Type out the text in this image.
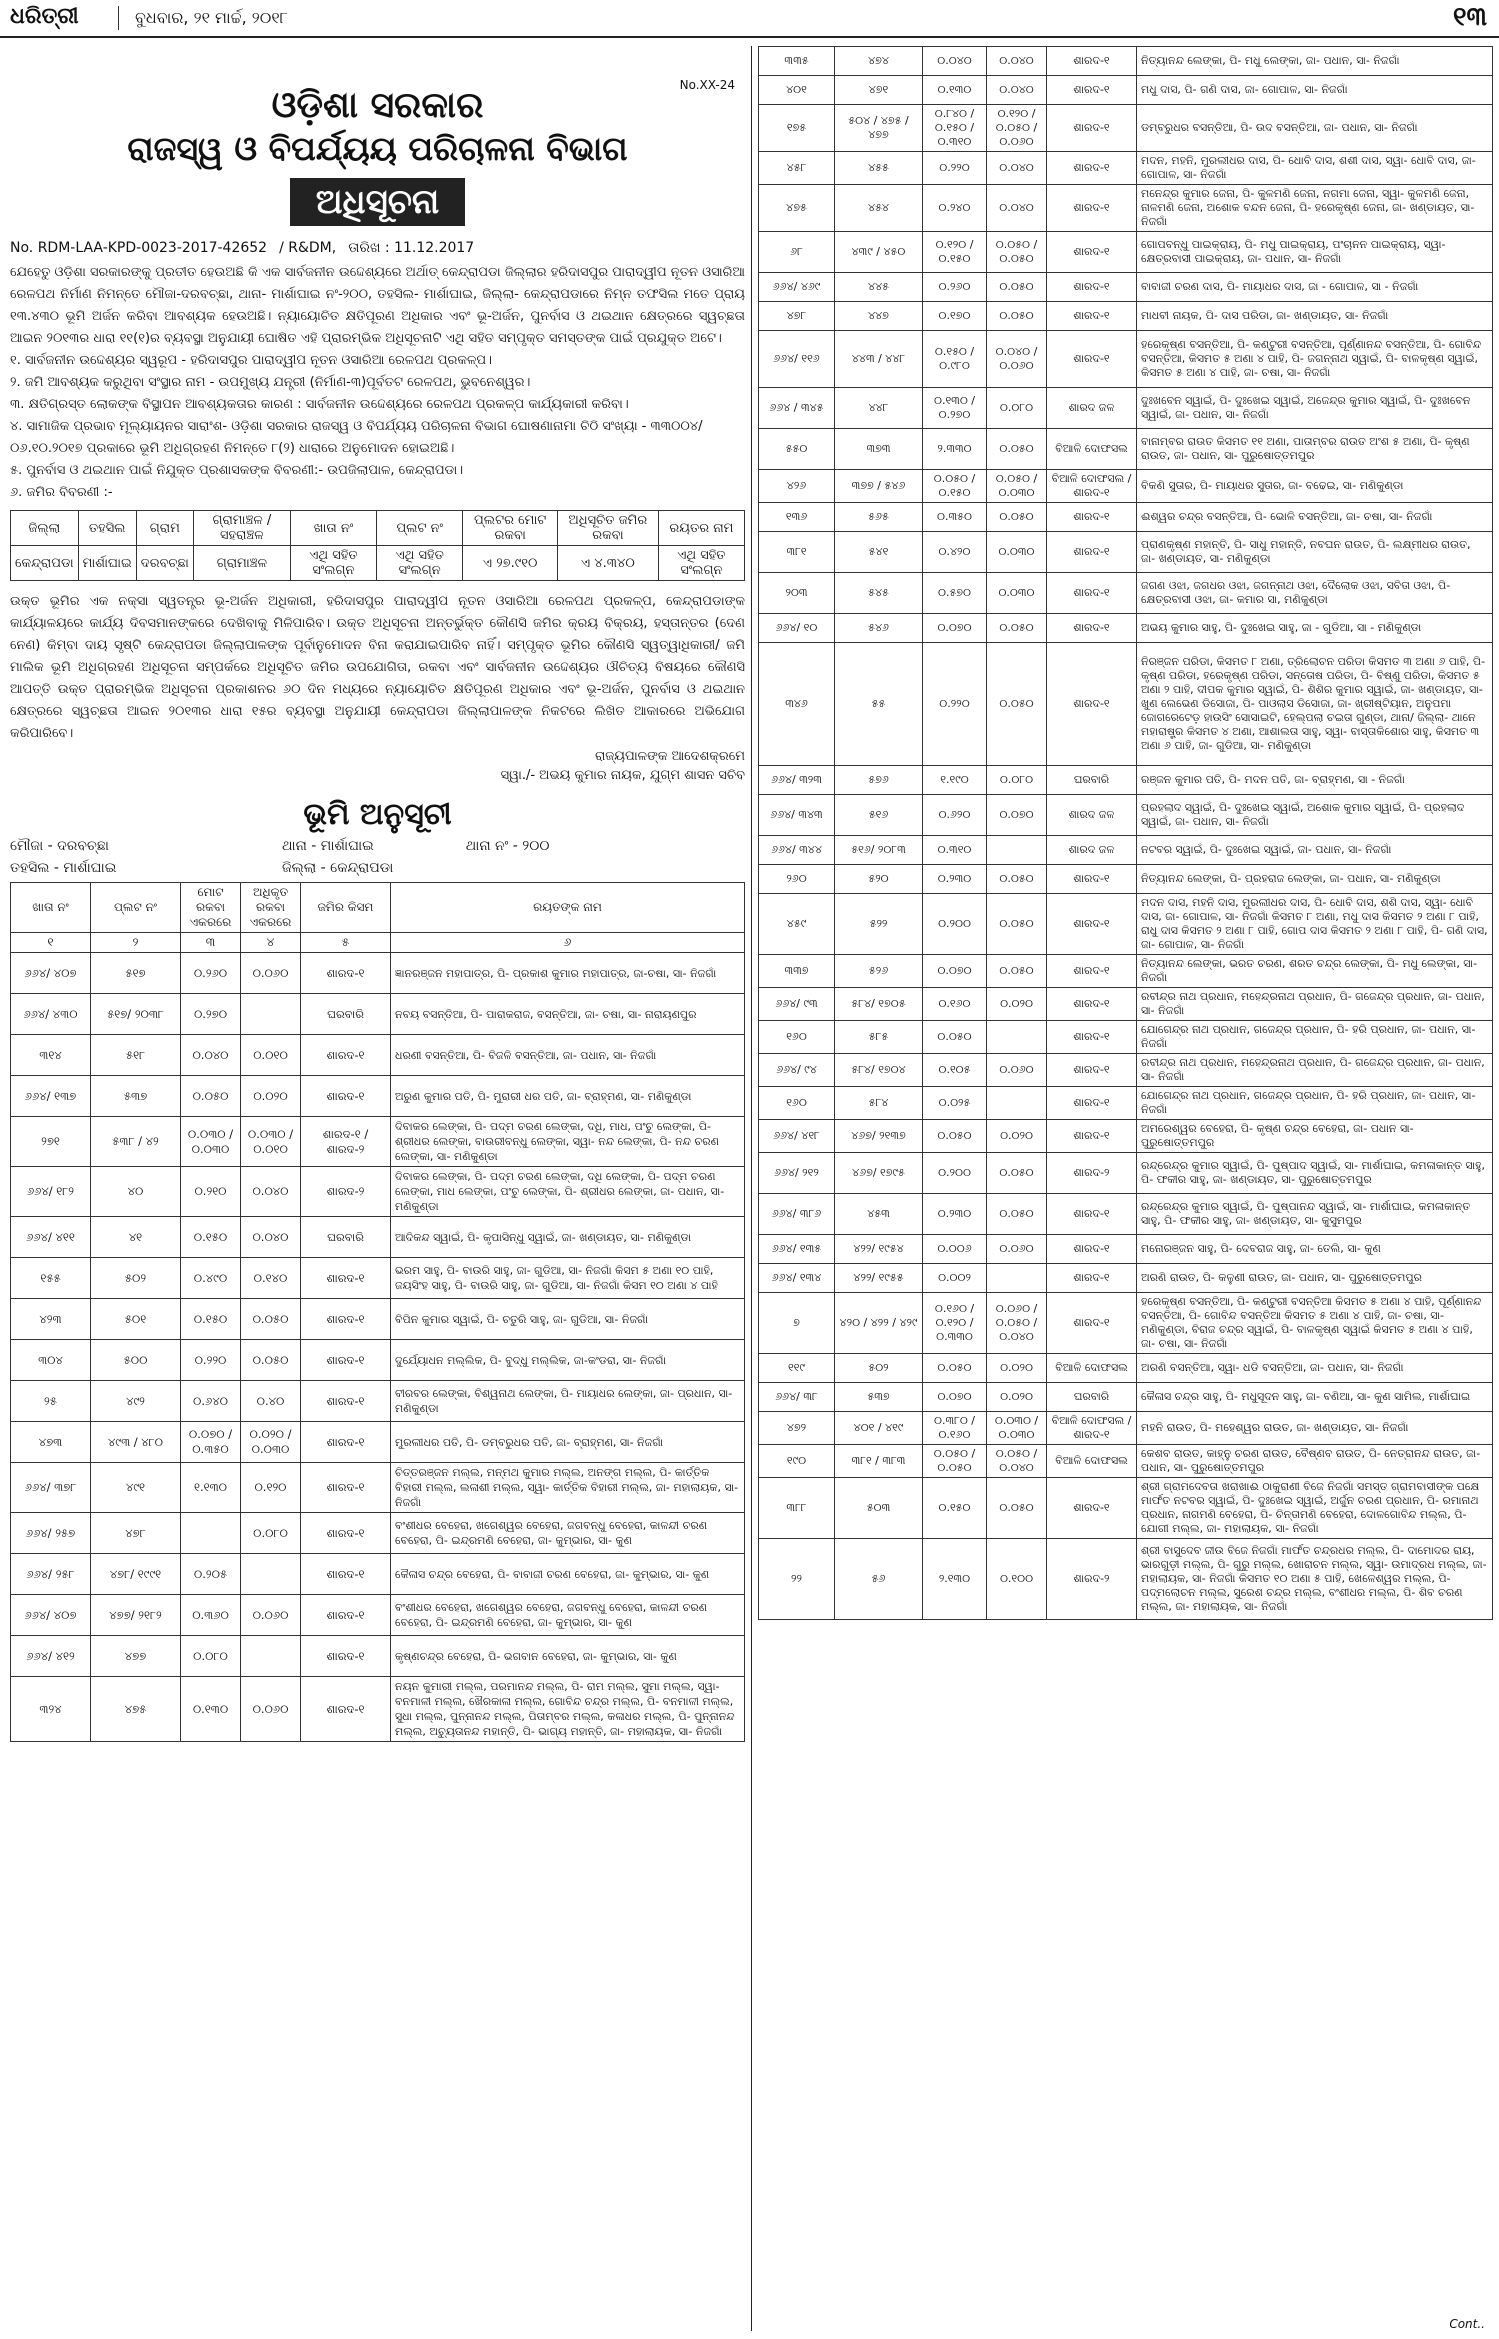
ଧରିତ୍ରୀ	ବୁଧବାର, ୨୧ ମାର୍ଚ୍ଚ, ୨୦୧୮	୧୩
No.XX-24
ଓଡ଼ିଶା ସରକାର
ରାଜସ୍ୱ ଓ ବିପର୍ଯ୍ୟୟ ପରିଚାଳନା ବିଭାଗ
ଅଧିସୂଚନା
No. RDM-LAA-KPD-0023-2017-42652 / R&DM, ତାରିଖ : 11.12.2017
ଯେହେତୁ ଓଡ଼ିଶା ସରକାରଙ୍କୁ ପ୍ରତୀତ ହେଉଅଛି କି ଏକ ସାର୍ବଜନୀନ ଉଦ୍ଦେଶ୍ୟରେ ଅର୍ଥାତ୍ କେନ୍ଦ୍ରାପଡା ଜିଲ୍ଲାର ହରିଦାସପୁର ପାରାଦ୍ୱୀପ ନୂତନ ଓସାରିଆ ରେଳପଥ ନିର୍ମାଣ ନିମନ୍ତେ ମୌଜା-ଦରବଚ୍ଛା, ଥାନା- ମାର୍ଶାଘାଇ ନଂ-୨୦୦, ତହସିଲ- ମାର୍ଶାଘାଇ, ଜିଲ୍ଲା- କେନ୍ଦ୍ରାପଡାରେ ନିମ୍ନ ତଫସିଲ ମତେ ପ୍ରାୟ ୧୩.୪୩୦ ଭୂମି ଅର୍ଜନ କରିବା ଆବଶ୍ୟକ ହେଉଅଛି। ନ୍ୟାୟୋଚିତ କ୍ଷତିପୂରଣ ଅଧିକାର ଏବଂ ଭୂ-ଅର୍ଜନ, ପୁନର୍ବାସ ଓ ଥଇଥାନ କ୍ଷେତ୍ରରେ ସ୍ୱଚ୍ଛତା ଆଇନ ୨୦୧୩ର ଧାରା ୧୧(୧)ର ବ୍ୟବସ୍ଥା ଅନୁଯାୟୀ ଘୋଷିତ ଏହି ପ୍ରାରମ୍ଭିକ ଅଧିସୂଚନାଟି ଏଥି ସହିତ ସମ୍ପୃକ୍ତ ସମସ୍ତଙ୍କ ପାଇଁ ପ୍ରଯୁକ୍ତ ଅଟେ।
୧. ସାର୍ବଜନୀନ ଉଦ୍ଦେଶ୍ୟର ସ୍ୱରୂପ - ହରିଦାସପୁର ପାରାଦ୍ୱୀପ ନୂତନ ଓସାରିଆ ରେଳପଥ ପ୍ରକଳ୍ପ।
୨. ଜମି ଆବଶ୍ୟକ କରୁଥିବା ସଂସ୍ଥାର ନାମ - ଉପମୁଖ୍ୟ ଯନ୍ତ୍ରୀ (ନିର୍ମାଣ-୩)ପୂର୍ବତଟ ରେଳପଥ, ଭୁବନେଶ୍ୱର।
୩. କ୍ଷତିଗ୍ରସ୍ତ ଲୋକଙ୍କ ବିସ୍ଥାପନ ଆବଶ୍ୟକତାର କାରଣ : ସାର୍ବଜନୀନ ଉଦ୍ଦେଶ୍ୟରେ ରେଳପଥ ପ୍ରକଳ୍ପ କାର୍ଯ୍ୟକାରୀ କରିବା।
୪. ସାମାଜିକ ପ୍ରଭାବ ମୂଲ୍ୟାୟନର ସାରାଂଶ- ଓଡ଼ିଶା ସରକାର ରାଜସ୍ୱ ଓ ବିପର୍ଯ୍ୟୟ ପରିଚାଳନା ବିଭାଗ ଘୋଷଣାନାମା ଚିଠି ସଂଖ୍ୟା - ୩୩୦୦୪/ ୦୬.୧୦.୨୦୧୭ ପ୍ରକାରେ ଭୂମି ଅଧିଗ୍ରହଣ ନିମନ୍ତେ ୮(୨) ଧାରାରେ ଅନୁମୋଦନ ହୋଇଅଛି।
୫. ପୁନର୍ବାସ ଓ ଥଇଥାନ ପାଇଁ ନିଯୁକ୍ତ ପ୍ରଶାସକଙ୍କ ବିବରଣୀ:- ଉପଜିଲାପାଳ, କେନ୍ଦ୍ରାପଡା।
୬. ଜମିର ବିବରଣୀ :-
ଜିଲ୍ଲା	ତହସିଲ	ଗ୍ରାମ	ଗ୍ରାମାଞ୍ଚଳ / ସହରାଞ୍ଚଳ	ଖାତା ନଂ	ପ୍ଲଟ ନଂ	ପ୍ଲଟର ମୋଟ ରକବା	ଅଧିସୂଚିତ ଜମିର ରକବା	ରୟତର ନାମ
କେନ୍ଦ୍ରାପଡା	ମାର୍ଶାଘାଇ	ଦରବଚ୍ଛା	ଗ୍ରାମାଞ୍ଚଳ	ଏଥି ସହିତ ସଂଲଗ୍ନ	ଏଥି ସହିତ ସଂଲଗ୍ନ	ଏ ୨୭.୯୧୦	ଏ ୪.୩୪୦	ଏଥି ସହିତ ସଂଲଗ୍ନ
ଉକ୍ତ ଭୂମିର ଏକ ନକ୍ସା ସ୍ୱତନ୍ତ୍ର ଭୂ-ଅର୍ଜନ ଅଧିକାରୀ, ହରିଦାସପୁର ପାରାଦ୍ୱୀପ ନୂତନ ଓସାରିଆ ରେଳପଥ ପ୍ରକଳ୍ପ, କେନ୍ଦ୍ରାପଡାଙ୍କ କାର୍ଯ୍ୟାଳୟରେ କାର୍ଯ୍ୟ ଦିବସମାନଙ୍କରେ ଦେଖିବାକୁ ମିଳିପାରିବ। ଉକ୍ତ ଅଧିସୂଚନା ଅନ୍ତର୍ଭୁକ୍ତ କୌଣସି ଜମିର କ୍ରୟ ବିକ୍ରୟ, ହସ୍ତାନ୍ତର (ଦେଣ ନେଣ) କିମ୍ବା ଦାୟ ସୃଷ୍ଟି କେନ୍ଦ୍ରାପଡା ଜିଲ୍ଲାପାଳଙ୍କ ପୂର୍ବାନୁମୋଦନ ବିନା କରାଯାଇପାରିବ ନାହିଁ। ସମ୍ପୃକ୍ତ ଭୂମିର କୌଣସି ସ୍ୱତ୍ୱାଧିକାରୀ/ ଜମି ମାଲିକ ଭୂମି ଅଧିଗ୍ରହଣ ଅଧିସୂଚନା ସମ୍ପର୍କରେ ଅଧିସୂଚିତ ଜମିର ଉପଯୋଗିତା, ରକବା ଏବଂ ସାର୍ବଜନୀନ ଉଦ୍ଦେଶ୍ୟର ଔଚିତ୍ୟ ବିଷୟରେ କୌଣସି ଆପତ୍ତି ଉକ୍ତ ପ୍ରାରମ୍ଭିକ ଅଧିସୂଚନା ପ୍ରକାଶନର ୬୦ ଦିନ ମଧ୍ୟରେ ନ୍ୟାୟୋଚିତ କ୍ଷତିପୂରଣ ଅଧିକାର ଏବଂ ଭୂ-ଅର୍ଜନ, ପୁନର୍ବାସ ଓ ଥଇଥାନ କ୍ଷେତ୍ରରେ ସ୍ୱଚ୍ଛତା ଆଇନ ୨୦୧୩ର ଧାରା ୧୫ର ବ୍ୟବସ୍ଥା ଅନୁଯାୟୀ କେନ୍ଦ୍ରାପଡା ଜିଲ୍ଲାପାଳଙ୍କ ନିକଟରେ ଲିଖିତ ଆକାରରେ ଅଭିଯୋଗ କରିପାରିବେ।
ରାଜ୍ୟପାଳଙ୍କ ଆଦେଶକ୍ରମେ
ସ୍ୱା./- ଅଭୟ କୁମାର ନାୟକ, ଯୁଗ୍ମ ଶାସନ ସଚିବ
ଭୂମି ଅନୁସୂଚୀ
ମୌଜା - ଦରବଚ୍ଛା	ଥାନା - ମାର୍ଶାଘାଇ	ଥାନା ନଂ - ୨୦୦
ତହସିଲ - ମାର୍ଶାଘାଇ	ଜିଲ୍ଲା - କେନ୍ଦ୍ରାପଡା
ଖାତା ନଂ	ପ୍ଲଟ ନଂ	ମୋଟ ରକବା ଏକରରେ	ଅଧିକୃତ ରକବା ଏକରରେ	ଜମିର କିସମ	ରୟତଙ୍କ ନାମ
୧	୨	୩	୪	୫	୬
୬୬୪/ ୪୦୭	୫୧୭	୦.୨୬୦	୦.୦୬୦	ଶାରଦ-୧	ଜ୍ଞାନରଞ୍ଜନ ମହାପାତ୍ର, ପି- ପ୍ରକାଶ କୁମାର ମହାପାତ୍ର, ଜା-ଚଷା, ସା- ନିଜଗାଁ
୬୬୪/ ୪୩୦	୫୧୭/ ୨୦୩୮	୦.୨୭୦		ଘରବାରି	ନବୟ ବସନ୍ତିଆ, ପି- ପାରାକରାଜ, ବସନ୍ତିଆ, ଜା- ଚଷା, ସା- ନାରାୟଣପୁର
୩୧୪	୫୧୮	୦.୦୪୦	୦.୦୧୦	ଶାରଦ-୧	ଧରଣୀ ବସନ୍ତିଆ, ପି- ବିଜଳି ବସନ୍ତିଆ, ଜା- ପଧାନ, ସା- ନିଜଗାଁ
୬୬୪/ ୧୩୭	୫୩୭	୦.୦୫୦	୦.୦୨୦	ଶାରଦ-୧	ଅରୁଣ କୁମାର ପତି, ପି- ମୁରାରୀ ଧର ପତି, ଜା- ବ୍ରାହ୍ମଣ, ସା- ମଣିକୁଣ୍ଡା
୨୭୧	୫୩୮ / ୪୨	୦.୦୩୦ / ୦.୦୩୦	୦.୦୩୦ / ୦.୦୧୦	ଶାରଦ-୧ / ଶାରଦ-୨	ଦିବାକର ଲେଙ୍କା, ପି- ପଦ୍ମ ଚରଣ ଲେଙ୍କା, ଦଧି, ମାଧ, ପଂଚୁ ଲେଙ୍କା, ପି- ଶ୍ରୀଧର ଲେଙ୍କା, ବାଉରୀବନ୍ଧୁ ଲେଙ୍କା, ସ୍ୱା- ନନ୍ଦ ଲେଙ୍କା, ପି- ନନ୍ଦ ଚରଣ ଲେଙ୍କା, ସା- ମଣିକୁଣ୍ଡା
୬୬୪/ ୧୮୨	୪୦	୦.୨୧୦	୦.୦୪୦	ଶାରଦ-୨	ଦିବାକର ଲେଙ୍କା, ପି- ପଦ୍ମ ଚରଣ ଲେଙ୍କା, ଦଧି ଲେଙ୍କା, ପି- ପଦ୍ମ ଚରଣ ଲେଙ୍କା, ମାଧ ଲେଙ୍କା, ପଂଚୁ ଲେଙ୍କା, ପି- ଶ୍ରୀଧର ଲେଙ୍କା, ଜା- ପଧାନ, ସା- ମଣିକୁଣ୍ଡା
୬୬୪/ ୪୧୧	୪୧	୦.୧୫୦	୦.୦୪୦	ଘରବାରି	ଆଦିକନ୍ଦ ସ୍ୱାଇଁ, ପି- କୃପାସିନ୍ଧୁ ସ୍ୱାଇଁ, ଜା- ଖଣ୍ଡାୟତ, ସା- ମଣିକୁଣ୍ଡା
୧୫୫	୫୦୨	୦.୪୯୦	୦.୧୪୦	ଶାରଦ-୧	ଭରମ ସାହୁ, ପି- ବାଉରି ସାହୁ, ଜା- ଗୁଡିଆ, ସା- ନିଜଗାଁ କିସମ ୫ ଅଣା ୧୦ ପାହି, ଜୟସିଂହ ସାହୁ, ପି- ବାଉରି ସାହୁ, ଜା- ଗୁଡିଆ, ସା- ନିଜଗାଁ କିସମ ୧୦ ଅଣା ୪ ପାହି
୪୨୩	୫୦୧	୦.୧୫୦	୦.୦୫୦	ଶାରଦ-୧	ବିପିନ କୁମାର ସ୍ୱାଇଁ, ପି- ଚତୁରି ସାହୁ, ଜା- ଗୁଡିଆ, ସା- ନିଜଗାଁ
୩୦୪	୫୦୦	୦.୨୨୦	୦.୦୫୦	ଶାରଦ-୧	ଦୁର୍ଯ୍ୟୋଧନ ମଲ୍ଲିକ, ପି- ବୁଦ୍ଧୁ ମଲ୍ଲିକ, ଜା-କଂଡରା, ସା- ନିଜଗାଁ
୨୫	୪୯୨	୦.୬୪୦	୦.୪୦	ଶାରଦ-୧	ବୀରବର ଲେଙ୍କା, ବିଶ୍ୱନାଥ ଲେଙ୍କା, ପି- ମାୟାଧର ଲେଙ୍କା, ଜା- ପ୍ରଧାନ, ସା-ମଣିକୁଣ୍ଡା
୪୭୩	୪୯୩ / ୪୮୦	୦.୦୭୦ / ୦.୩୫୦	୦.୦୨୦ / ୦.୦୩୦	ଶାରଦ-୧	ମୁରଲୀଧର ପତି, ପି- ଡମ୍ବରୁଧର ପତି, ଜା- ବ୍ରାହ୍ମଣ, ସା- ନିଜଗାଁ
୬୬୪/ ୩୭୮	୪୯୧	୧.୧୩୦	୦.୧୨୦	ଶାରଦ-୧	ଚିତ୍ତରଞ୍ଜନ ମଲ୍ଲ, ମନ୍ମଥ କୁମାର ମଲ୍ଲ, ଅନଙ୍ଗ ମଲ୍ଲ, ପି- କାର୍ତ୍ତିକ ବିହାରୀ ମଲ୍ଲ, ଲଳାଶୀ ମଲ୍ଲ, ସ୍ୱା- କାର୍ତ୍ତିକ ବିହାରୀ ମଲ୍ଲ, ଜା- ମହାଲାୟକ, ସା- ନିଜଗାଁ
୬୬୪/ ୨୫୭	୪୭୮		୦.୦୮୦	ଶାରଦ-୧	ବଂଶୀଧର ବେହେରା, ଖଗେଶ୍ୱର ବେହେରା, ଜଗବନ୍ଧୁ ବେହେରା, କାଳନ୍ଦୀ ଚରଣ ବେହେରା, ପି- ଇନ୍ଦ୍ରମଣି ବେହେରା, ଜା- କୁମ୍ଭାର, ସା- କୁଣ
୬୬୪/ ୨୫୮	୪୭୮/ ୧୯୯୧	୦.୨୦୫		ଶାରଦ-୧	କୈଳାସ ଚନ୍ଦ୍ର ବେହେରା, ପି- ବାବାଜୀ ଚରଣ ବେହେରା, ଜା- କୁମ୍ଭାର, ସା- କୁଣ
୬୬୪/ ୪୦୭	୪୭୭/ ୨୧୮୨	୦.୩୬୦	୦.୦୬୦	ଶାରଦ-୧	ବଂଶୀଧର ବେହେରା, ଖଗେଶ୍ୱର ବେହେରା, ଜଗବନ୍ଧୁ ବେହେରା, କାଳନ୍ଦୀ ଚରଣ ବେହେରା, ପି- ଇନ୍ଦ୍ରମଣି ବେହେରା, ଜା- କୁମ୍ଭାର, ସା- କୁଣ
୬୬୪/ ୪୧୨	୪୭୭	୦.୦୮୦		ଶାରଦ-୧	କୃଷ୍ଣଚନ୍ଦ୍ର ବେହେରା, ପି- ଭଗବାନ ବେହେରା, ଜା- କୁମ୍ଭାର, ସା- କୁଣ
୩୨୪	୪୭୫	୦.୧୩୦	୦.୦୬୦	ଶାରଦ-୧	ନୟନ କୁମାରୀ ମଲ୍ଲ, ପରମାନନ୍ଦ ମଲ୍ଲ, ପି- ରାମ ମଲ୍ଲ, ସୁମା ମଲ୍ଲ, ସ୍ୱା- ବନମାଳୀ ମଲ୍ଲ, ଖୈରକାଳା ମଲ୍ଲ, ଗୋବିନ୍ଦ ଚନ୍ଦ୍ର ମଲ୍ଲ, ପି- ବନମାଳୀ ମଲ୍ଲ, ସୁଧା ମଲ୍ଲ, ପୁନ୍ନାନନ୍ଦ ମଲ୍ଲ, ପିତାମ୍ବର ମଲ୍ଲ, କଳାଧର ମଲ୍ଲ, ପି- ପୁନ୍ନାନନ୍ଦ ମଲ୍ଲ, ଅଚ୍ୟୁତାନନ୍ଦ ମହାନ୍ତି, ପି- ଭାଗ୍ୟ ମହାନ୍ତି, ଜା- ମହାଲାୟକ, ସା- ନିଜଗାଁ
୩୩୫	୪୭୪	୦.୦୪୦	୦.୦୪୦	ଶାରଦ-୧	ନିତ୍ୟାନନ୍ଦ ଲେଙ୍କା, ପି- ମଧୁ ଲେଙ୍କା, ଜା- ପଧାନ, ସା- ନିଜଗାଁ
୪୦୧	୪୭୧	୦.୧୩୦	୦.୦୪୦	ଶାରଦ-୧	ମଧୁ ଦାସ, ପି- ଗଣି ଦାସ, ଜା- ଗୋପାଳ, ସା- ନିଜଗାଁ
୧୭୫	୫୦୪ / ୪୭୫ / ୪୭୭	୦.୮୪୦ / ୦.୧୫୦ / ୦.୩୧୦	୦.୧୨୦ / ୦.୦୫୦ / ୦.୦୬୦	ଶାରଦ-୧	ଡମ୍ବରୁଧର ବସନ୍ତିଆ, ପି- ଉଦ ବସନ୍ତିଆ, ଜା- ପଧାନ, ସା- ନିଜଗାଁ
୪୫୮	୪୫୫	୦.୨୨୦	୦.୦୪୦	ଶାରଦ-୧	ମଦନ, ମହନି, ମୁରଲୀଧର ଦାସ, ପି- ଧୋବି ଦାସ, ଶଶୀ ଦାସ, ସ୍ୱା- ଧୋବି ଦାସ, ଜା- ଗୋପାଳ, ସା- ନିଜଗାଁ
୪୭୫	୪୫୪	୦.୨୪୦	୦.୦୪୦	ଶାରଦ-୧	ମନେନ୍ଦ୍ର କୁମାର ଜେନା, ପି- କୁଳମଣି ଜେନା, ନଗମା ଜେନା, ସ୍ୱା- କୁଳମଣି ଜେନା, ନାଳମଣି ଜେନା, ଅଶୋକ ବନ୍ଦନ ଜେନା, ପି- ହରେକୃଷ୍ଣ ଜେନା, ଜା- ଖଣ୍ଡାୟତ, ସା- ନିଜଗାଁ
୬୮	୪୩୯ / ୪୫୦	୦.୧୨୦ / ୦.୧୫୦	୦.୦୫୦ / ୦.୦୫୦	ଶାରଦ-୧	ଗୋପବନ୍ଧୁ ପାଇକ୍ରାୟ, ପି- ମଧୁ ପାଇକ୍ରାୟ, ପଂଚାନନ ପାଇକ୍ରାୟ, ସ୍ୱା- କ୍ଷେତ୍ରବାସୀ ପାଇକ୍ରାୟ, ଜା- ପଧାନ, ସା- ନିଜଗାଁ
୬୬୪/ ୪୬୯	୪୪୫	୦.୨୬୦	୦.୦୫୦	ଶାରଦ-୧	ବାବାଜୀ ଚରଣ ଦାସ, ପି- ମାୟାଧର ଦାସ, ଜା - ଗୋପାଳ, ସା - ନିଜଗାଁ
୪୭୮	୪୪୭	୦.୧୭୦	୦.୦୫୦	ଶାରଦ-୧	ମାଧବୀ ନାୟକ, ପି- ଦାସ ପରିଡା, ଜା- ଖଣ୍ଡାୟତ, ସା- ନିଜଗାଁ
୬୬୪/ ୧୧୬	୪୪୩ / ୪୪୮	୦.୧୫୦ / ୦.୯୮୦	୦.୦୪୦ / ୦.୦୬୦	ଶାରଦ-୧	ହରେକୃଷ୍ଣ ବସନ୍ତିଆ, ପି- କଣ୍ଟୁରୀ ବସନ୍ତିଆ, ପୂର୍ଣ୍ଣାନନ୍ଦ ବସନ୍ତିଆ, ପି- ଗୋବିନ୍ଦ ବସନ୍ତିଆ, କିସମତ ୫ ଅଣା ୪ ପାହି, ପି- ଜଗନ୍ନାଥ ସ୍ୱାଇଁ, ପି- ବାଳକୃଷ୍ଣ ସ୍ୱାଇଁ, କିସମତ ୫ ଅଣା ୪ ପାହି, ଜା- ଚଷା, ସା- ନିଜଗାଁ
୬୬୪ / ୩୪୫	୪୪୮	୦.୧୩୦ / ୦.୨୭୦	୦.୦୮୦	ଶାରଦ ଜଳ	ଦୁଃଖବେନ ସ୍ୱାଇଁ, ପି- ଦୁଃଖେଇ ସ୍ୱାଇଁ, ଅଜେନ୍ଦ୍ର କୁମାର ସ୍ୱାଇଁ, ପି- ଦୁଃଖବେନ ସ୍ୱାଇଁ, ଜା- ପଧାନ, ସା- ନିଜଗାଁ
୫୫୦	୩୭୩	୨.୩୩୦	୦.୦୫୦	ବିଆଳି ଦୋଫସଲ	ବାନାମ୍ବର ରାଉତ କିସମତ ୧୧ ଅଣା, ପାତାମ୍ବର ରାଉତ ଅଂଶ ୫ ଅଣା, ପି- କୃଷ୍ଣ ରାଉତ, ଜା- ପଧାନ, ସା- ପୁରୁଷୋତ୍ତମପୁର
୪୨୬	୩୭୭ / ୫୪୬	୦.୦୫୦ / ୦.୧୫୦	୦.୦୫୦ / ୦.୦୩୦	ବିଆଳି ଦୋଫସଲ / ଶାରଦ-୧	ବିକଣି ସୁତାର, ପି- ମାୟାଧର ସୁତାର, ଜା- ବଢେଇ, ସା- ମଣିକୁଣ୍ଡା
୧୩୬	୫୬୫	୦.୩୫୦	୦.୦୫୦	ଶାରଦ-୧	ଈଶ୍ୱର ଚନ୍ଦ୍ର ବସନ୍ତିଆ, ପି- ଭୋଳି ବସନ୍ତିଆ, ଜା- ଚଷା, ସା- ନିଜଗାଁ
୩୮୧	୫୪୧	୦.୪୨୦	୦.୦୩୦	ଶାରଦ-୧	ପ୍ରାଣକୃଷ୍ଣ ମହାନ୍ତି, ପି- ସାଧୁ ମହାନ୍ତି, ନବଘନ ରାଉତ, ପି- ଲକ୍ଷ୍ମୀଧର ରାଉତ, ଜା- ଖଣ୍ଡାୟତ, ସା- ମଣିକୁଣ୍ଡା
୨୦୩	୫୪୫	୦.୫୭୦	୦.୦୩୦	ଶାରଦ-୧	ଜଗଣ ଓଝା, ଜଗଧର ଓଝା, ଜଗନ୍ନାଥ ଓଝା, ଦୈଲୋକ ଓଝା, ସବିତା ଓଝା, ପି- କ୍ଷେତ୍ରବାସୀ ଓଝା, ଜା- କମାର ସା, ମଣିକୁଣ୍ଡା
୬୬୪/ ୧୦	୫୪୬	୦.୦୭୦	୦.୦୫୦	ଶାରଦ-୧	ଅଭୟ କୁମାର ସାହୁ, ପି- ଦୁଃଖେଇ ସାହୁ, ଜା - ଗୁଡିଆ, ସା - ମଣିକୁଣ୍ଡା
୩୪୬	୫୫	୦.୨୨୦	୦.୦୫୦	ଶାରଦ-୧	ନିରଞ୍ଜନ ପରିଡା, କିସମତ ୮ ଅଣା, ତ୍ରିଲୋଚନ ପରିଡା କିସମତ ୩ ଅଣା ୬ ପାହି, ପି- କୃଷ୍ଣ ପରିଡା, ହରେକୃଷ୍ଣ ପରିଡା, ସନ୍ତୋଷ ପରିଡା, ପି- ବିଷ୍ଣୁ ପରିଡା, କିସମତ ୫ ଅଣା ୨ ପାହି, ଦୀପକ କୁମାର ସ୍ୱାଇଁ, ପି- ଶିଶିର କୁମାର ସ୍ୱାଇଁ, ଜା- ଖଣ୍ଡାୟତ, ସା- ଖୁଣ ଲେଭେଣ ଡିସୋଜା, ପି- ପାଓଲାସ ଡିସୋଜା, ଜା- ଖ୍ରୀଷ୍ଟିୟାନ, ଅନୁପମା ଜୋଗରେଟେଡ଼ ହାଉସିଂ ସୋସାଇଟି, ହେଲ୍ପଲା ଚଇତା ଗୁଣ୍ଡା, ଥାନା/ ଜିଲ୍ଲା- ଥାନେ ମହାରାଷ୍ଟ୍ର କିସମତ ୪ ଅଣା, ଆଶାଲତା ସାହୁ, ସ୍ୱା- ବାସ୍ତାକିଶୋର ସାହୁ, କିସମତ ୩ ଅଣା ୬ ପାହି, ଜା- ଗୁଡିଆ, ସା- ମଣିକୁଣ୍ଡା
୬୬୪/ ୩୨୩	୫୭୬	୧.୧୯୦	୦.୦୮୦	ଘରବାରି	ରଞ୍ଜନ କୁମାର ପତି, ପି- ମଦନ ପତି, ଜା- ବ୍ରାହ୍ମଣ, ସା - ନିଜଗାଁ
୬୬୪/ ୩୪୩	୫୧୬	୦.୬୨୦	୦.୦୭୦	ଶାରଦ ଜଳ	ପ୍ରହଲାଦ ସ୍ୱାଇଁ, ପି- ଦୁଃଖେଇ ସ୍ୱାଇଁ, ଅଶୋକ କୁମାର ସ୍ୱାଇଁ, ପି- ପ୍ରହଲାଦ ସ୍ୱାଇଁ, ଜା- ପଧାନ, ସା- ନିଜଗାଁ
୬୬୪/ ୩୪୪	୫୧୬/ ୨୦୮୩	୦.୩୧୦		ଶାରଦ ଜଳ	ନଟବର ସ୍ୱାଇଁ, ପି- ଦୁଃଖେଇ ସ୍ୱାଇଁ, ଜା- ପଧାନ, ସା- ନିଜଗାଁ
୨୬୦	୫୨୦	୦.୨୩୦	୦.୦୫୦	ଶାରଦ-୧	ନିତ୍ୟାନନ୍ଦ ଲେଙ୍କା, ପି- ପ୍ରହରାଜ ଲେଙ୍କା, ଜା- ପଧାନ, ସା- ମଣିକୁଣ୍ଡା
୪୫୯	୫୨୨	୦.୨୦୦	୦.୦୫୦	ଶାରଦ-୧	ମଦନ ଦାସ, ମହନି ଦାସ, ମୁରଲୀଧର ଦାସ, ପି- ଧୋବି ଦାସ, ଶଶି ଦାସ, ସ୍ୱା- ଧୋବି ଦାସ, ଜା- ଗୋପାଳ, ସା- ନିଜଗାଁ କିସମତ ୮ ଅଣା, ମଧୁ ଦାସ କିସମତ ୨ ଅଣା ୮ ପାହି, ରାଧୁ ଦାସ କିସମତ ୨ ଅଣା ୮ ପାହି, ଗୋପ ଦାସ କିସମତ ୨ ଅଣା ୮ ପାହି, ପି- ଗଣି ଦାସ, ଜା- ଗୋପାଳ, ସା- ନିଜଗାଁ
୩୩୭	୫୨୬	୦.୦୭୦	୦.୦୫୦	ଶାରଦ-୧	ନିତ୍ୟାନନ୍ଦ ଲେଙ୍କା, ଭରତ ଚରଣ, ଶରତ ଚନ୍ଦ୍ର ଲେଙ୍କା, ପି- ମଧୁ ଲେଙ୍କା, ସା- ନିଜଗାଁ
୬୬୪/ ୯୩	୫୮୪/ ୧୭୦୫	୦.୧୬୦	୦.୦୨୦	ଶାରଦ-୧	ରବୀନ୍ଦ୍ର ନାଥ ପ୍ରଧାନ, ମହେନ୍ଦ୍ରନାଥ ପ୍ରଧାନ, ପି- ଗଜେନ୍ଦ୍ର ପ୍ରଧାନ, ଜା- ପଧାନ, ସା- ନିଜଗାଁ
୧୬୦	୫୮୫	୦.୦୫୦		ଶାରଦ-୧	ଯୋଗେନ୍ଦ୍ର ନାଥ ପ୍ରଧାନ, ଗଜେନ୍ଦ୍ର ପ୍ରଧାନ, ପି- ହରି ପ୍ରଧାନ, ଜା- ପଧାନ, ସା- ନିଜଗାଁ
୬୬୪/ ୯୪	୫୮୪/ ୧୭୦୪	୦.୧୦୫	୦.୦୬୦	ଶାରଦ-୧	ରବୀନ୍ଦ୍ର ନାଥ ପ୍ରଧାନ, ମହେନ୍ଦ୍ରନାଥ ପ୍ରଧାନ, ପି- ଗଜେନ୍ଦ୍ର ପ୍ରଧାନ, ଜା- ପଧାନ, ସା- ନିଜଗାଁ
୧୬୦	୫୮୪	୦.୦୨୫		ଶାରଦ-୧	ଯୋଗେନ୍ଦ୍ର ନାଥ ପ୍ରଧାନ, ଗଜେନ୍ଦ୍ର ପ୍ରଧାନ, ପି- ହରି ପ୍ରଧାନ, ଜା- ପଧାନ, ସା- ନିଜଗାଁ
୬୬୪/ ୪୧୮	୪୬୭/ ୨୧୩୭	୦.୦୫୦	୦.୦୨୦	ଶାରଦ-୧	ଅମରେଶ୍ୱର ବେହେରା, ପି- କୃଷ୍ଣ ଚନ୍ଦ୍ର ବେହେରା, ଜା- ପଧାନ ସା- ପୁରୁଷୋତ୍ତମପୁର
୬୬୪/ ୨୧୨	୪୬୭/ ୧୭୯୫	୦.୨୦୦	୦.୦୫୦	ଶାରଦ-୨	ରନ୍ଦ୍ରେନ୍ଦ୍ର କୁମାର ସ୍ୱାଇଁ, ପି- ପୁଷ୍ପାଦ ସ୍ୱାଇଁ, ସା- ମାର୍ଶାଘାଇ, କମଳାକାନ୍ତ ସାହୁ, ପି- ଫକୀର ସାହୁ, ଜା- ଖଣ୍ଡାୟତ, ସା- ପୁରୁଷୋତ୍ତମପୁର
୬୬୪/ ୩୮୬	୪୫୩	୦.୨୩୦	୦.୦୫୦	ଶାରଦ-୧	ରନ୍ଦ୍ରେନ୍ଦ୍ର କୁମାର ସ୍ୱାଇଁ, ପି- ପୁଷ୍ପାନନ୍ଦ ସ୍ୱାଇଁ, ସା- ମାର୍ଶାଘାଇ, କମଳାକାନ୍ତ ସାହୁ, ପି- ଫକୀର ସାହୁ, ଜା- ଖଣ୍ଡାୟତ, ସା- କୁସୁମପୁର
୬୬୪/ ୧୩୫	୪୨୨/ ୧୯୫୪	୦.୦୦୬	୦.୦୬୦	ଶାରଦ-୧	ମନୋରଞ୍ଜନ ସାହୁ, ପି- ଦେବରାଜ ସାହୁ, ଜା- ତେଲି, ସା- କୁଣ
୬୬୪/ ୧୩୪	୪୨୨/ ୧୯୫୫	୦.୦୦୨		ଶାରଦ-୧	ଅରଣି ରାଉତ, ପି- କଳୁଣୀ ରାଉତ, ଜା- ପଧାନ, ସା- ପୁରୁଷୋତ୍ତମପୁର
୭	୪୨୦ / ୪୨୨ / ୪୨୯	୦.୧୬୦ / ୦.୧୨୦ / ୦.୩୩୦	୦.୦୬୦ / ୦.୦୫୦ / ୦.୦୪୦	ଶାରଦ-୧	ହରେକୃଷ୍ଣ ବସନ୍ତିଆ, ପି- କଣ୍ଟୁରୀ ବସନ୍ତିଆ କିସମତ ୫ ଅଣା ୪ ପାହି, ପୂର୍ଣ୍ଣାନନ୍ଦ ବସନ୍ତିଆ, ପି- ଗୋବିନ୍ଦ ବସନ୍ତିଆ କିସମତ ୫ ଅଣା ୪ ପାହି, ଜା- ଚଷା, ସା- ମଣିକୁଣ୍ଡା, ବିରାଜ ଚନ୍ଦ୍ର ସ୍ୱାଇଁ, ପି- ବାଳକୃଷ୍ଣ ସ୍ୱାଇଁ କିସମତ ୫ ଅଣା ୪ ପାହି, ଜା- ଚଷା, ସା- ନିଜଗାଁ
୧୧୯	୫୦୨	୦.୦୫୦	୦.୦୨୦	ବିଆଳି ଦୋଫସଲ	ଅରଣି ବସନ୍ତିଆ, ସ୍ୱା- ଧଡି ବସନ୍ତିଆ, ଜା- ପଧାନ, ସା- ନିଜଗାଁ
୬୬୪/ ୩୮	୫୩୭	୦.୦୭୦	୦.୦୨୦	ଘରବାରି	କୈଳାସ ଚନ୍ଦ୍ର ସାହୁ, ପି- ମଧୁସୂଦନ ସାହୁ, ଜା- ବଣିଆ, ସା- କୁଣ ସାମିଲ, ମାର୍ଶାଘାଇ
୪୭୨	୪୦୧ / ୪୧୯	୦.୩୮୦ / ୦.୧୬୦	୦.୦୩୦ / ୦.୦୩୦	ବିଆଳି ଦୋଫସଲ / ଶାରଦ-୧	ମହନି ରାଉତ, ପି- ମହେଶ୍ୱର ରାଉତ, ଜା- ଖଣ୍ଡାୟତ, ସା- ନିଜଗାଁ
୧୯୦	୩୮୧ / ୩୮୩	୦.୦୫୦ / ୦.୦୫୦	୦.୦୫୦ / ୦.୦୪୦	ବିଆଳି ଦୋଫସଲ	କେଶବ ରାଉତ, କାହ୍ନୁ ଚରଣ ରାଉତ, ବୈଷ୍ଣବ ରାଉତ, ପି- ନେତ୍ରାନନ୍ଦ ରାଉତ, ଜା- ପଧାନ, ସା- ପୁରୁଷୋତ୍ତମପୁର
୩୮୮	୫୦୩	୦.୧୫୦	୦.୦୫୦	ଶାରଦ-୧	ଶ୍ରୀ ଗ୍ରାମଦେବତା ଖରାଖାଈ ଠାକୁରାଣୀ ବିଜେ ନିଜଗାଁ ସମସ୍ତ ଗ୍ରାମବାସୀଙ୍କ ପକ୍ଷେ ମାର୍ଫତ ନଟବର ସ୍ୱାଇଁ, ପି- ଦୁଃଖେଇ ସ୍ୱାଇଁ, ଅର୍ଜୁନ ଚରଣ ପ୍ରଧାନ, ପି- ରମାନାଥ ପ୍ରଧାନ, ନାଗମଣି ବେହେରା, ପି- ଚିନ୍ତାମଣି ବେହେରା, ଦୋଳଗୋବିନ୍ଦ ମଲ୍ଲ, ପି- ଯୋଗୀ ମଲ୍ଲ, ଜା- ମହାଲାୟକ, ସା- ନିଜଗାଁ
୨୨	୫୬	୨.୧୩୦	୦.୧୦୦	ଶାରଦ-୨	ଶ୍ରୀ ବାସୁଦେବ ଜୀଉ ବିଜେ ନିଜଗାଁ ମାର୍ଫତ ଚନ୍ଦ୍ରଧର ମଲ୍ଲ, ପି- ଦାମୋଦର ରାୟ, ଭାରଗୁଡ଼ୀ ମଲ୍ଲ, ପି- ଗୁରୁ ମଲ୍ଲ, ଖୋରାଚନ ମଲ୍ଲ, ସ୍ୱା- ଉମାଦ୍ରଧ ମଲ୍ଲ, ଜା- ମହାଲାୟକ, ସା- ନିଜଗାଁ କିସମତ ୧୦ ଅଣା ୫ ପାହି, ଖେଳେଶ୍ୱର ମଲ୍ଲ, ପି- ପଦ୍ମଲୋଚନ ମଲ୍ଲ, ସୁରେଶ ଚନ୍ଦ୍ର ମଲ୍ଲ, ବଂଶୀଧର ମଲ୍ଲ, ପି- ଶିବ ଚରଣ ମଲ୍ଲ, ଜା- ମହାଲାୟକ, ସା- ନିଜଗାଁ
Cont..
